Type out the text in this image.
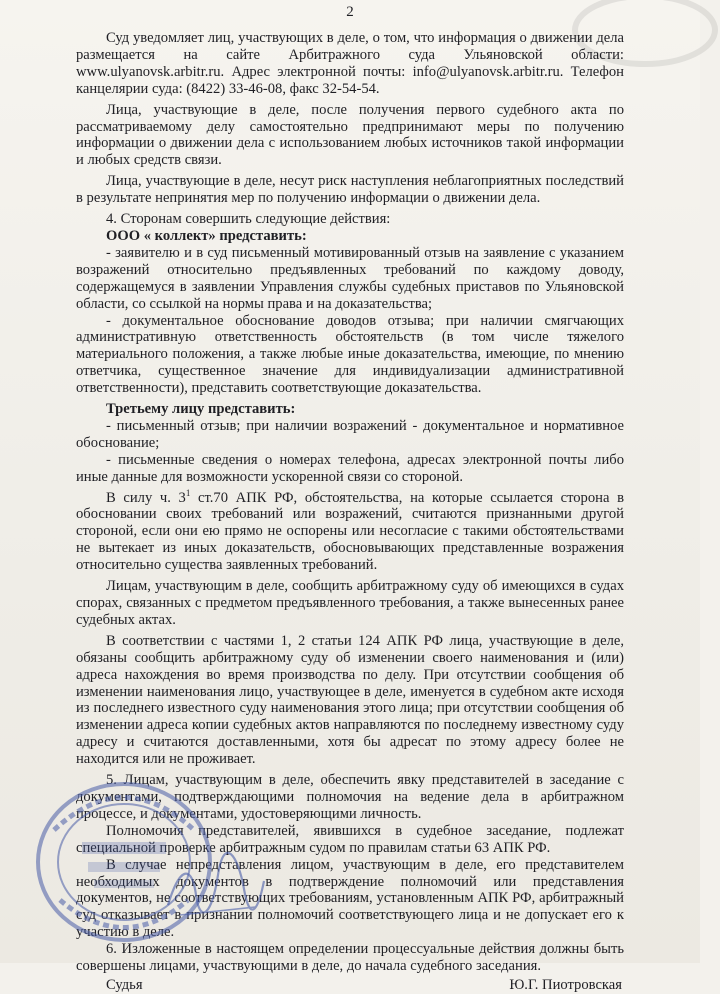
2

Суд уведомляет лиц, участвующих в деле, о том, что информация о движении дела размещается на сайте Арбитражного суда Ульяновской области: www.ulyanovsk.arbitr.ru. Адрес электронной почты: info@ulyanovsk.arbitr.ru. Телефон канцелярии суда: (8422) 33-46-08, факс 32-54-54.

Лица, участвующие в деле, после получения первого судебного акта по рассматриваемому делу самостоятельно предпринимают меры по получению информации о движении дела с использованием любых источников такой информации и любых средств связи.

Лица, участвующие в деле, несут риск наступления неблагоприятных последствий в результате непринятия мер по получению информации о движении дела.

4. Сторонам совершить следующие действия:

ООО « коллект» представить:

- заявителю и в суд письменный мотивированный отзыв на заявление с указанием возражений относительно предъявленных требований по каждому доводу, содержащемуся в заявлении Управления службы судебных приставов по Ульяновской области, со ссылкой на нормы права и на доказательства;

- документальное обоснование доводов отзыва; при наличии смягчающих административную ответственность обстоятельств (в том числе тяжелого материального положения, а также любые иные доказательства, имеющие, по мнению ответчика, существенное значение для индивидуализации административной ответственности), представить соответствующие доказательства.

Третьему лицу представить:

- письменный отзыв; при наличии возражений - документальное и нормативное обоснование;

- письменные сведения о номерах телефона, адресах электронной почты либо иные данные для возможности ускоренной связи со стороной.

В силу ч. $3^1$ ст.70 АПК РФ, обстоятельства, на которые ссылается сторона в обосновании своих требований или возражений, считаются признанными другой стороной, если они ею прямо не оспорены или несогласие с такими обстоятельствами не вытекает из иных доказательств, обосновывающих представленные возражения относительно существа заявленных требований.

Лицам, участвующим в деле, сообщить арбитражному суду об имеющихся в судах спорах, связанных с предметом предъявленного требования, а также вынесенных ранее судебных актах.

В соответствии с частями 1, 2 статьи 124 АПК РФ лица, участвующие в деле, обязаны сообщить арбитражному суду об изменении своего наименования и (или) адреса нахождения во время производства по делу. При отсутствии сообщения об изменении наименования лицо, участвующее в деле, именуется в судебном акте исходя из последнего известного суду наименования этого лица; при отсутствии сообщения об изменении адреса копии судебных актов направляются по последнему известному суду адресу и считаются доставленными, хотя бы адресат по этому адресу более не находится или не проживает.

5. Лицам, участвующим в деле, обеспечить явку представителей в заседание с документами, подтверждающими полномочия на ведение дела в арбитражном процессе, и документами, удостоверяющими личность.

Полномочия представителей, явившихся в судебное заседание, подлежат специальной проверке арбитражным судом по правилам статьи 63 АПК РФ.

В случае непредставления лицом, участвующим в деле, его представителем необходимых документов в подтверждение полномочий или представления документов, не соответствующих требованиям, установленным АПК РФ, арбитражный суд отказывает в признании полномочий соответствующего лица и не допускает его к участию в деле.

6. Изложенные в настоящем определении процессуальные действия должны быть совершены лицами, участвующими в деле, до начала судебного заседания.

Судья	Ю.Г. Пиотровская
